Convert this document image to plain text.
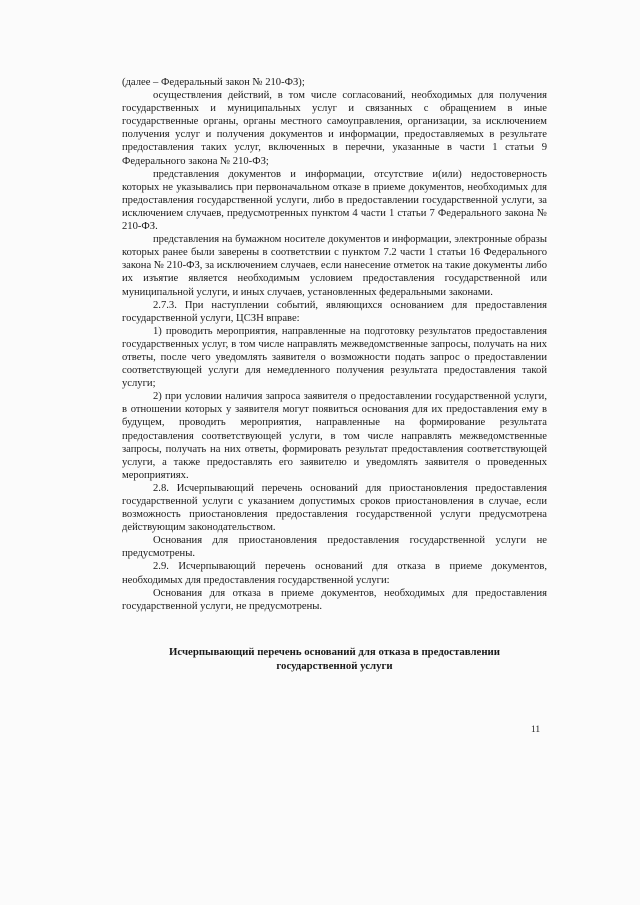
(далее – Федеральный закон № 210-ФЗ);

осуществления действий, в том числе согласований, необходимых для получения государственных и муниципальных услуг и связанных с обращением в иные государственные органы, органы местного самоуправления, организации, за исключением получения услуг и получения документов и информации, предоставляемых в результате предоставления таких услуг, включенных в перечни, указанные в части 1 статьи 9 Федерального закона № 210-ФЗ;

представления документов и информации, отсутствие и(или) недостоверность которых не указывались при первоначальном отказе в приеме документов, необходимых для предоставления государственной услуги, либо в предоставлении государственной услуги, за исключением случаев, предусмотренных пунктом 4 части 1 статьи 7 Федерального закона № 210-ФЗ.

представления на бумажном носителе документов и информации, электронные образы которых ранее были заверены в соответствии с пунктом 7.2 части 1 статьи 16 Федерального закона № 210-ФЗ, за исключением случаев, если нанесение отметок на такие документы либо их изъятие является необходимым условием предоставления государственной или муниципальной услуги, и иных случаев, установленных федеральными законами.

2.7.3. При наступлении событий, являющихся основанием для предоставления государственной услуги, ЦСЗН вправе:

1) проводить мероприятия, направленные на подготовку результатов предоставления государственных услуг, в том числе направлять межведомственные запросы, получать на них ответы, после чего уведомлять заявителя о возможности подать запрос о предоставлении соответствующей услуги для немедленного получения результата предоставления такой услуги;

2) при условии наличия запроса заявителя о предоставлении государственной услуги, в отношении которых у заявителя могут появиться основания для их предоставления ему в будущем, проводить мероприятия, направленные на формирование результата предоставления соответствующей услуги, в том числе направлять межведомственные запросы, получать на них ответы, формировать результат предоставления соответствующей услуги, а также предоставлять его заявителю и уведомлять заявителя о проведенных мероприятиях.

2.8. Исчерпывающий перечень оснований для приостановления предоставления государственной услуги с указанием допустимых сроков приостановления в случае, если возможность приостановления предоставления государственной услуги предусмотрена действующим законодательством.

Основания для приостановления предоставления государственной услуги не предусмотрены.

2.9. Исчерпывающий перечень оснований для отказа в приеме документов, необходимых для предоставления государственной услуги:

Основания для отказа в приеме документов, необходимых для предоставления государственной услуги, не предусмотрены.

Исчерпывающий перечень оснований для отказа в предоставлении
государственной услуги
11
